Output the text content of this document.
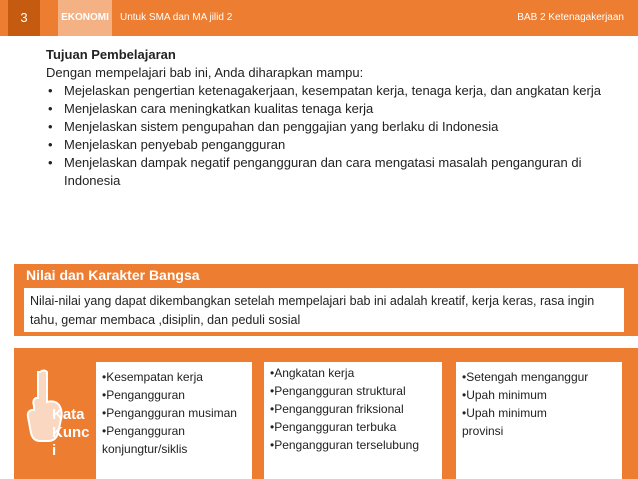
3	EKONOMI	Untuk SMA dan MA jilid 2	BAB 2 Ketenagakerjaan
Tujuan Pembelajaran
Dengan mempelajari bab ini, Anda diharapkan mampu:
• Mejelaskan pengertian ketenagakerjaan, kesempatan kerja, tenaga kerja, dan angkatan kerja
• Menjelaskan cara meningkatkan kualitas tenaga kerja
• Menjelaskan sistem pengupahan dan penggajian yang berlaku di Indonesia
• Menjelaskan penyebab pengangguran
• Menjelaskan dampak negatif pengangguran dan cara mengatasi masalah penganguran di Indonesia
Nilai dan Karakter Bangsa
Nilai-nilai yang dapat dikembangkan setelah mempelajari bab ini adalah kreatif, kerja keras, rasa ingin tahu, gemar membaca ,disiplin, dan peduli sosial
Kata
Kunc
i
•Kesempatan kerja
•Pengangguran
•Pengangguran musiman
•Pengangguran
konjungtur/siklis
•Angkatan kerja
•Pengangguran struktural
•Pengangguran friksional
•Pengangguran terbuka
•Pengangguran terselubung
•Setengah menganggur
•Upah minimum
•Upah minimum
provinsi
